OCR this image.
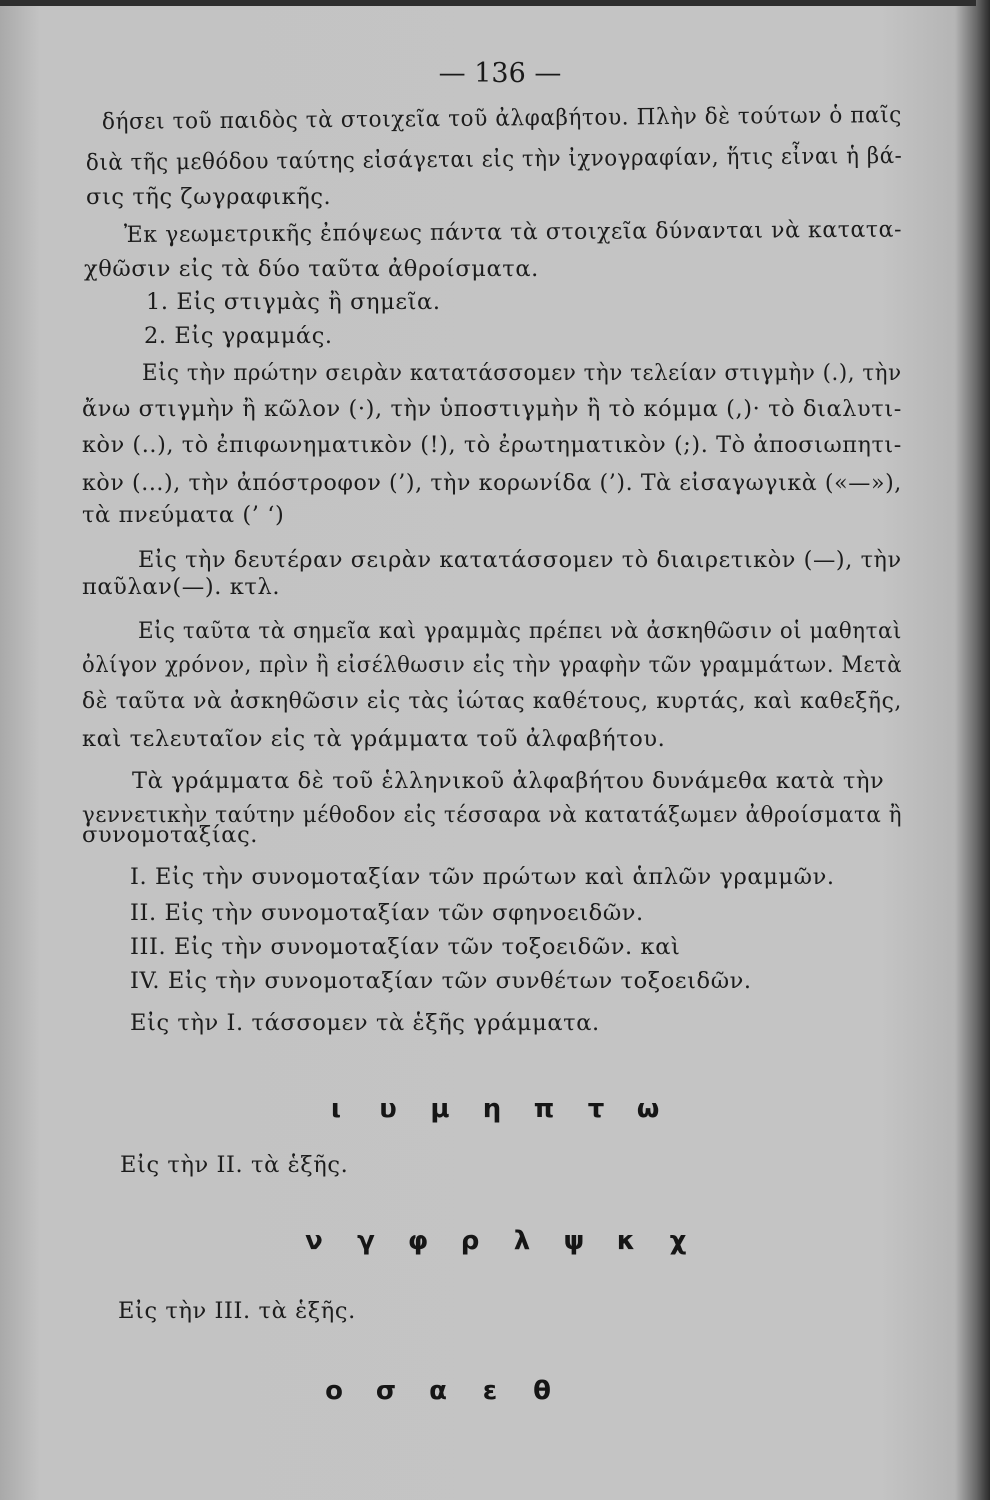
— 136 —
δήσει τοῦ παιδὸς τὰ στοιχεῖα τοῦ ἀλφαβήτου. Πλὴν δὲ τούτων ὁ παῖς
διὰ τῆς μεθόδου ταύτης εἰσάγεται εἰς τὴν ἰχνογραφίαν, ἥτις εἶναι ἡ βά-
σις τῆς ζωγραφικῆς.
Ἐκ γεωμετρικῆς ἐπόψεως πάντα τὰ στοιχεῖα δύνανται νὰ κατατα-
χθῶσιν εἰς τὰ δύο ταῦτα ἀθροίσματα.
1. Εἰς στιγμὰς ἢ σημεῖα.
2. Εἰς γραμμάς.
Εἰς τὴν πρώτην σειρὰν κατατάσσομεν τὴν τελείαν στιγμὴν (.), τὴν
ἄνω στιγμὴν ἢ κῶλον (·), τὴν ὑποστιγμὴν ἢ τὸ κόμμα (,)· τὸ διαλυτι-
κὸν (..), τὸ ἐπιφωνηματικὸν (!), τὸ ἐρωτηματικὸν (;). Τὸ ἀποσιωπητι-
κὸν (...), τὴν ἀπόστροφον (’), τὴν κορωνίδα (’). Τὰ εἰσαγωγικὰ («—»),
τὰ πνεύματα (’ ‘)
Εἰς τὴν δευτέραν σειρὰν κατατάσσομεν τὸ διαιρετικὸν (—), τὴν
παῦλαν(—). κτλ.
Εἰς ταῦτα τὰ σημεῖα καὶ γραμμὰς πρέπει νὰ ἀσκηθῶσιν οἱ μαθηταὶ
ὀλίγον χρόνον, πρὶν ἢ εἰσέλθωσιν εἰς τὴν γραφὴν τῶν γραμμάτων. Μετὰ
δὲ ταῦτα νὰ ἀσκηθῶσιν εἰς τὰς ἰώτας καθέτους, κυρτάς, καὶ καθεξῆς,
καὶ τελευταῖον εἰς τὰ γράμματα τοῦ ἀλφαβήτου.
Τὰ γράμματα δὲ τοῦ ἑλληνικοῦ ἀλφαβήτου δυνάμεθα κατὰ τὴν
γεννετικὴν ταύτην μέθοδον εἰς τέσσαρα νὰ κατατάξωμεν ἀθροίσματα ἢ
συνομοταξίας.
I. Εἰς τὴν συνομοταξίαν τῶν πρώτων καὶ ἁπλῶν γραμμῶν.
II. Εἰς τὴν συνομοταξίαν τῶν σφηνοειδῶν.
III. Εἰς τὴν συνομοταξίαν τῶν τοξοειδῶν. καὶ
IV. Εἰς τὴν συνομοταξίαν τῶν συνθέτων τοξοειδῶν.
Εἰς τὴν I. τάσσομεν τὰ ἑξῆς γράμματα.
ι υ μ η π τ ω
Εἰς τὴν II. τὰ ἑξῆς.
ν γ φ ρ λ ψ κ χ
Εἰς τὴν III. τὰ ἑξῆς.
ο σ α ε θ
